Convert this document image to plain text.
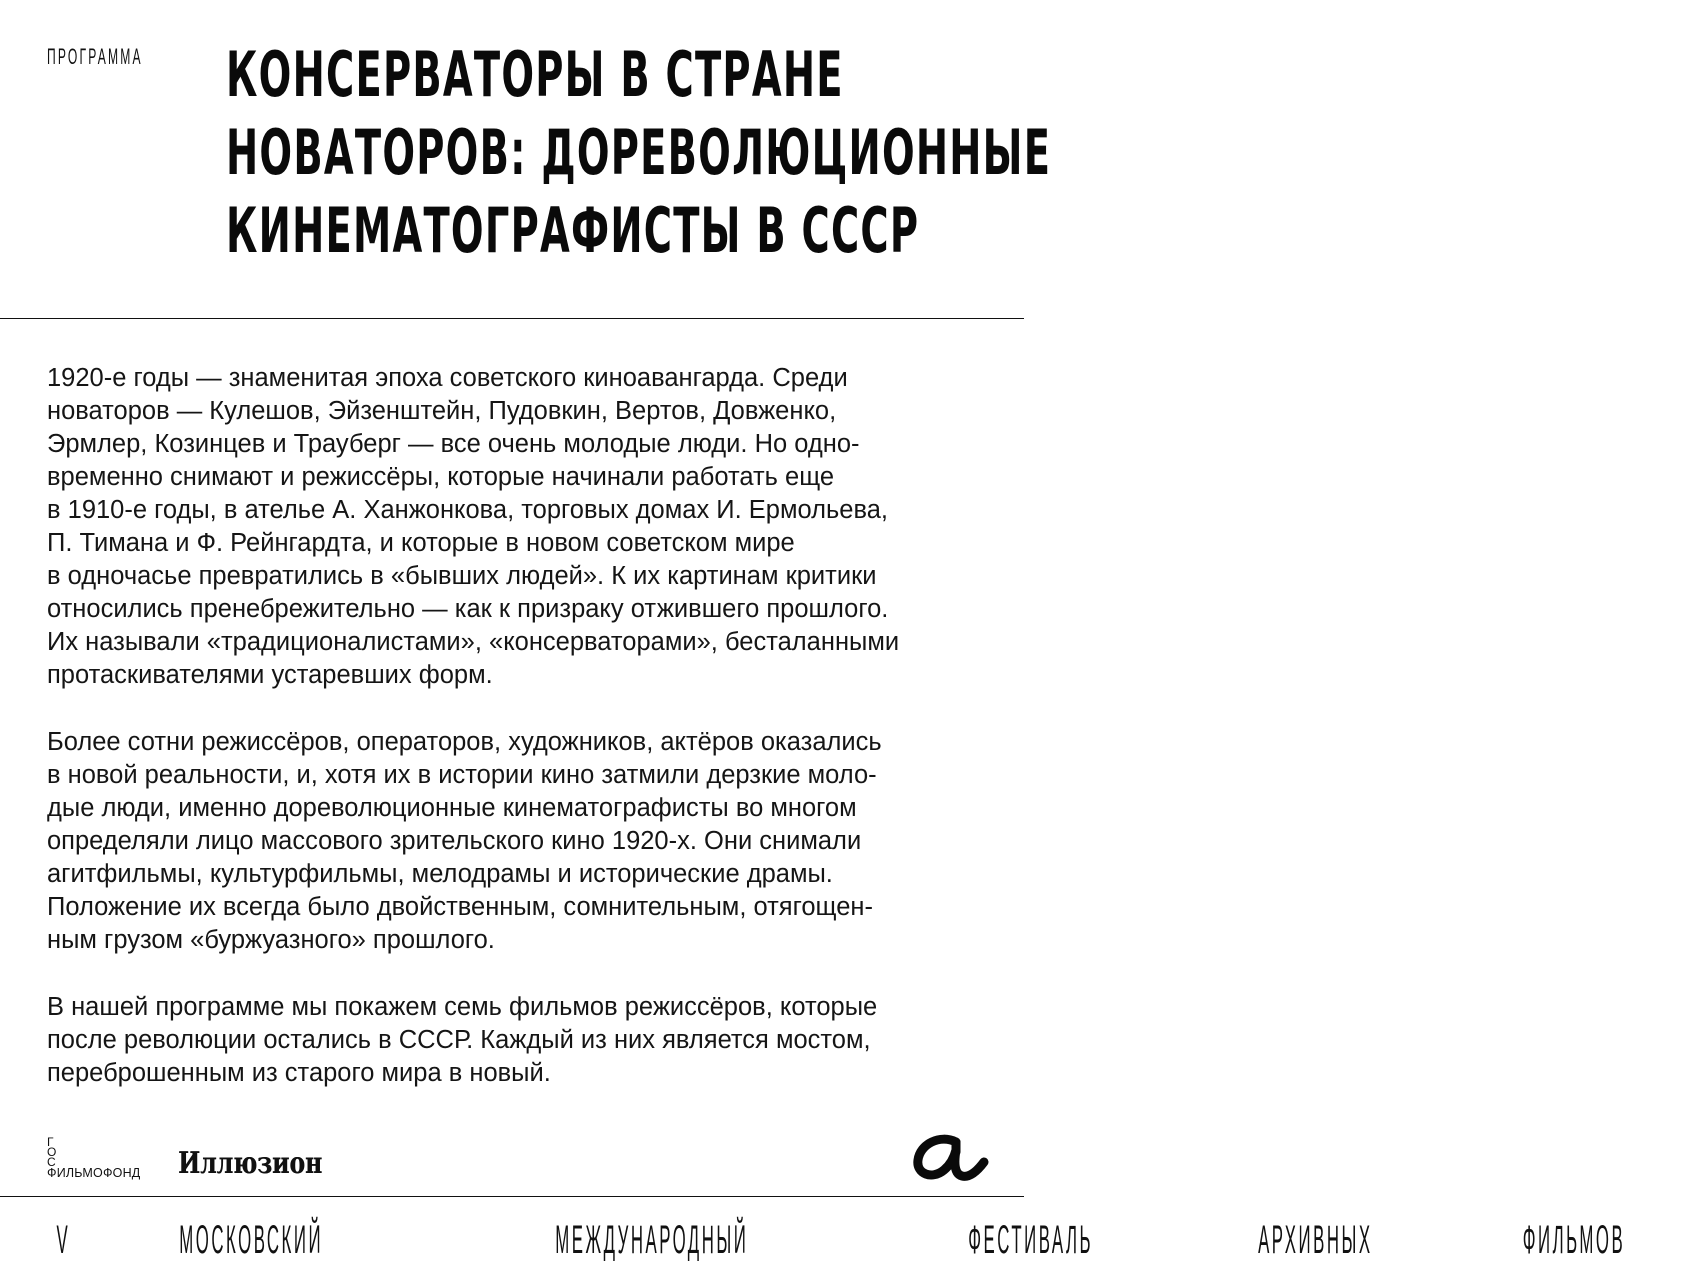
ПРОГРАММА КОНСЕРВАТОРЫ В СТРАНЕ
НОВАТОРОВ: ДОРЕВОЛЮЦИОННЫЕ
КИНЕМАТОГРАФИСТЫ В СССР

1920-е годы — знаменитая эпоха советского киноавангарда. Среди
новаторов — Кулешов, Эйзенштейн, Пудовкин, Вертов, Довженко,
Эрмлер, Козинцев и Трауберг — все очень молодые люди. Но одно-
временно снимают и режиссёры, которые начинали работать еще
в 1910-е годы, в ателье А. Ханжонкова, торговых домах И. Ермольева,
П. Тимана и Ф. Рейнгардта, и которые в новом советском мире
в одночасье превратились в «бывших людей». К их картинам критики
относились пренебрежительно — как к призраку отжившего прошлого.
Их называли «традиционалистами», «консерваторами», бесталанными
протаскивателями устаревших форм.

Более сотни режиссёров, операторов, художников, актёров оказались
в новой реальности, и, хотя их в истории кино затмили дерзкие моло-
дые люди, именно дореволюционные кинематографисты во многом
определяли лицо массового зрительского кино 1920-х. Они снимали
агитфильмы, культурфильмы, мелодрамы и исторические драмы.
Положение их всегда было двойственным, сомнительным, отягощен-
ным грузом «буржуазного» прошлого.

В нашей программе мы покажем семь фильмов режиссёров, которые
после революции остались в СССР. Каждый из них является мостом,
переброшенным из старого мира в новый.

Г
О
С
ФИЛЬМОФОНД Иллюзион
V	МОСКОВСКИЙ	МЕЖДУНАРОДНЫЙ	ФЕСТИВАЛЬ	АРХИВНЫХ	ФИЛЬМОВ
